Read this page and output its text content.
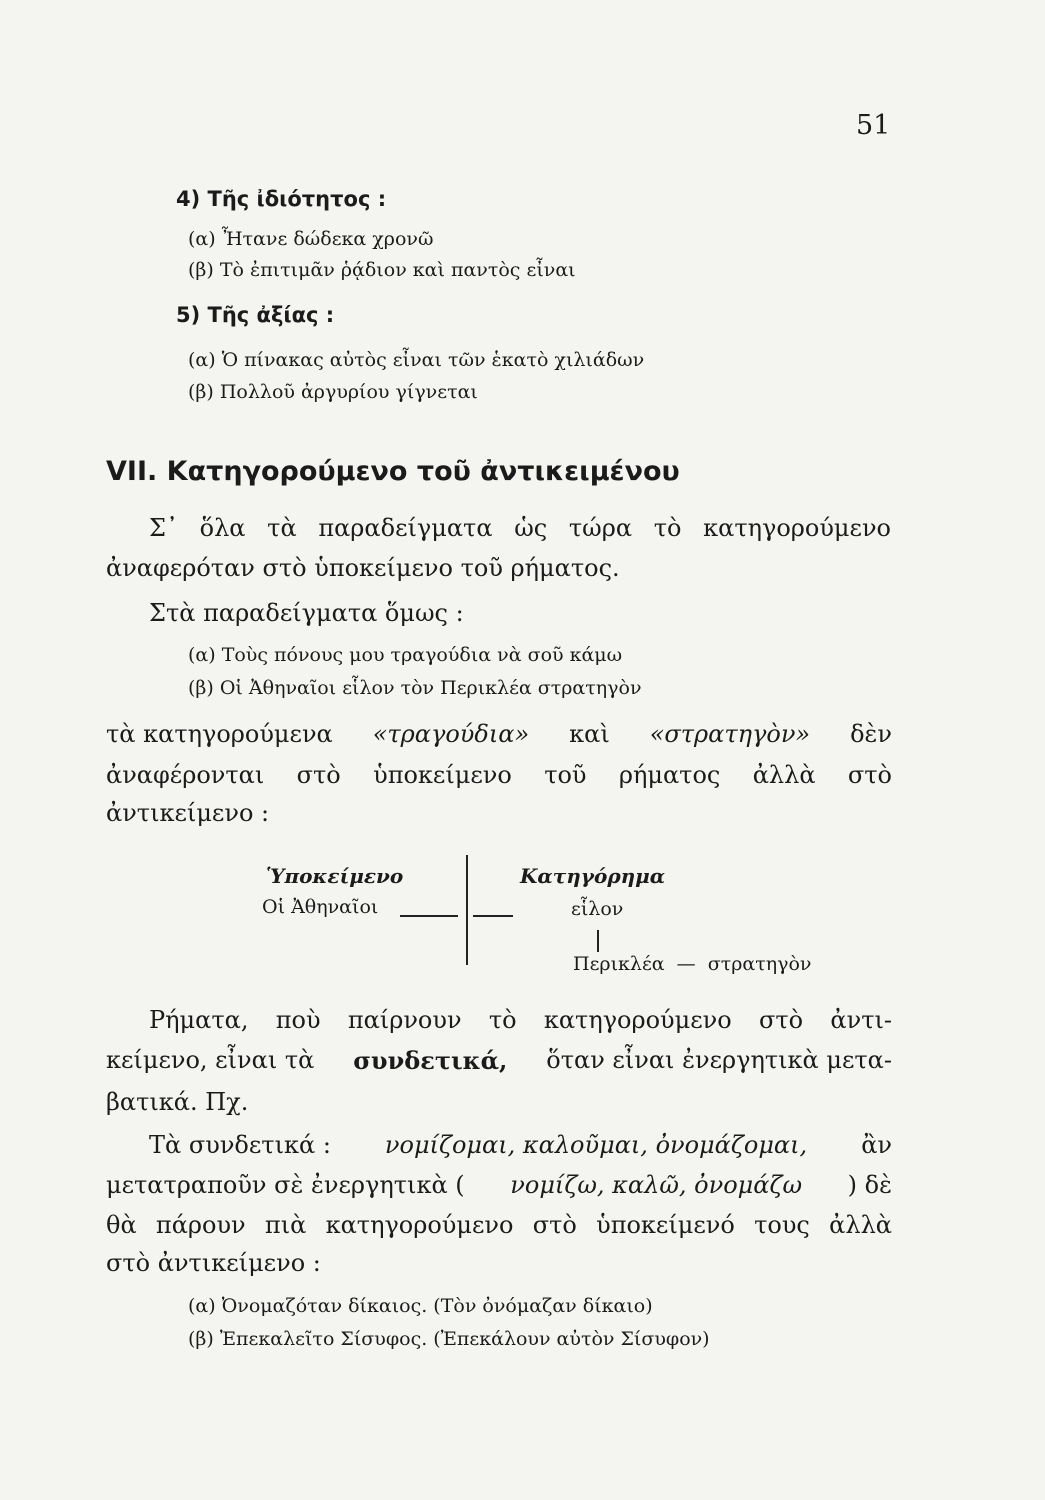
51
4) Τῆς ἰδιότητος :
(α) Ἦτανε δώδεκα χρονῶ
(β) Τὸ ἐπιτιμᾶν ῥᾴδιον καὶ παντὸς εἶναι
5) Τῆς ἀξίας :
(α) Ὁ πίνακας αὐτὸς εἶναι τῶν ἑκατὸ χιλιάδων
(β) Πολλοῦ ἀργυρίου γίγνεται
VII. Κατηγορούμενο τοῦ ἀντικειμένου
Σ᾽ ὅλα τὰ παραδείγματα ὡς τώρα τὸ κατηγορούμενο
ἀναφερόταν στὸ ὑποκείμενο τοῦ ρήματος.
Στὰ παραδείγματα ὅμως :
(α) Τοὺς πόνους μου τραγούδια νὰ σοῦ κάμω
(β) Οἱ Ἀθηναῖοι εἷλον τὸν Περικλέα στρατηγὸν
τὰ κατηγορούμενα «τραγούδια» καὶ «στρατηγὸν» δὲν
ἀναφέρονται στὸ ὑποκείμενο τοῦ ρήματος ἀλλὰ στὸ
ἀντικείμενο :
Ὑποκείμενο	Κατηγόρημα
Οἱ Ἀθηναῖοι	εἷλον
Περικλέα — στρατηγὸν
Ρήματα, ποὺ παίρνουν τὸ κατηγορούμενο στὸ ἀντι-
κείμενο, εἶναι τὰ συνδετικά, ὅταν εἶναι ἐνεργητικὰ μετα-
βατικά. Πχ.
Τὰ συνδετικά : νομίζομαι, καλοῦμαι, ὀνομάζομαι, ἂν
μετατραποῦν σὲ ἐνεργητικὰ ( νομίζω, καλῶ, ὀνομάζω ) δὲ
θὰ πάρουν πιὰ κατηγορούμενο στὸ ὑποκείμενό τους ἀλλὰ
στὸ ἀντικείμενο :
(α) Ὀνομαζόταν δίκαιος. (Τὸν ὀνόμαζαν δίκαιο)
(β) Ἐπεκαλεῖτο Σίσυφος. (Ἐπεκάλουν αὐτὸν Σίσυφον)
